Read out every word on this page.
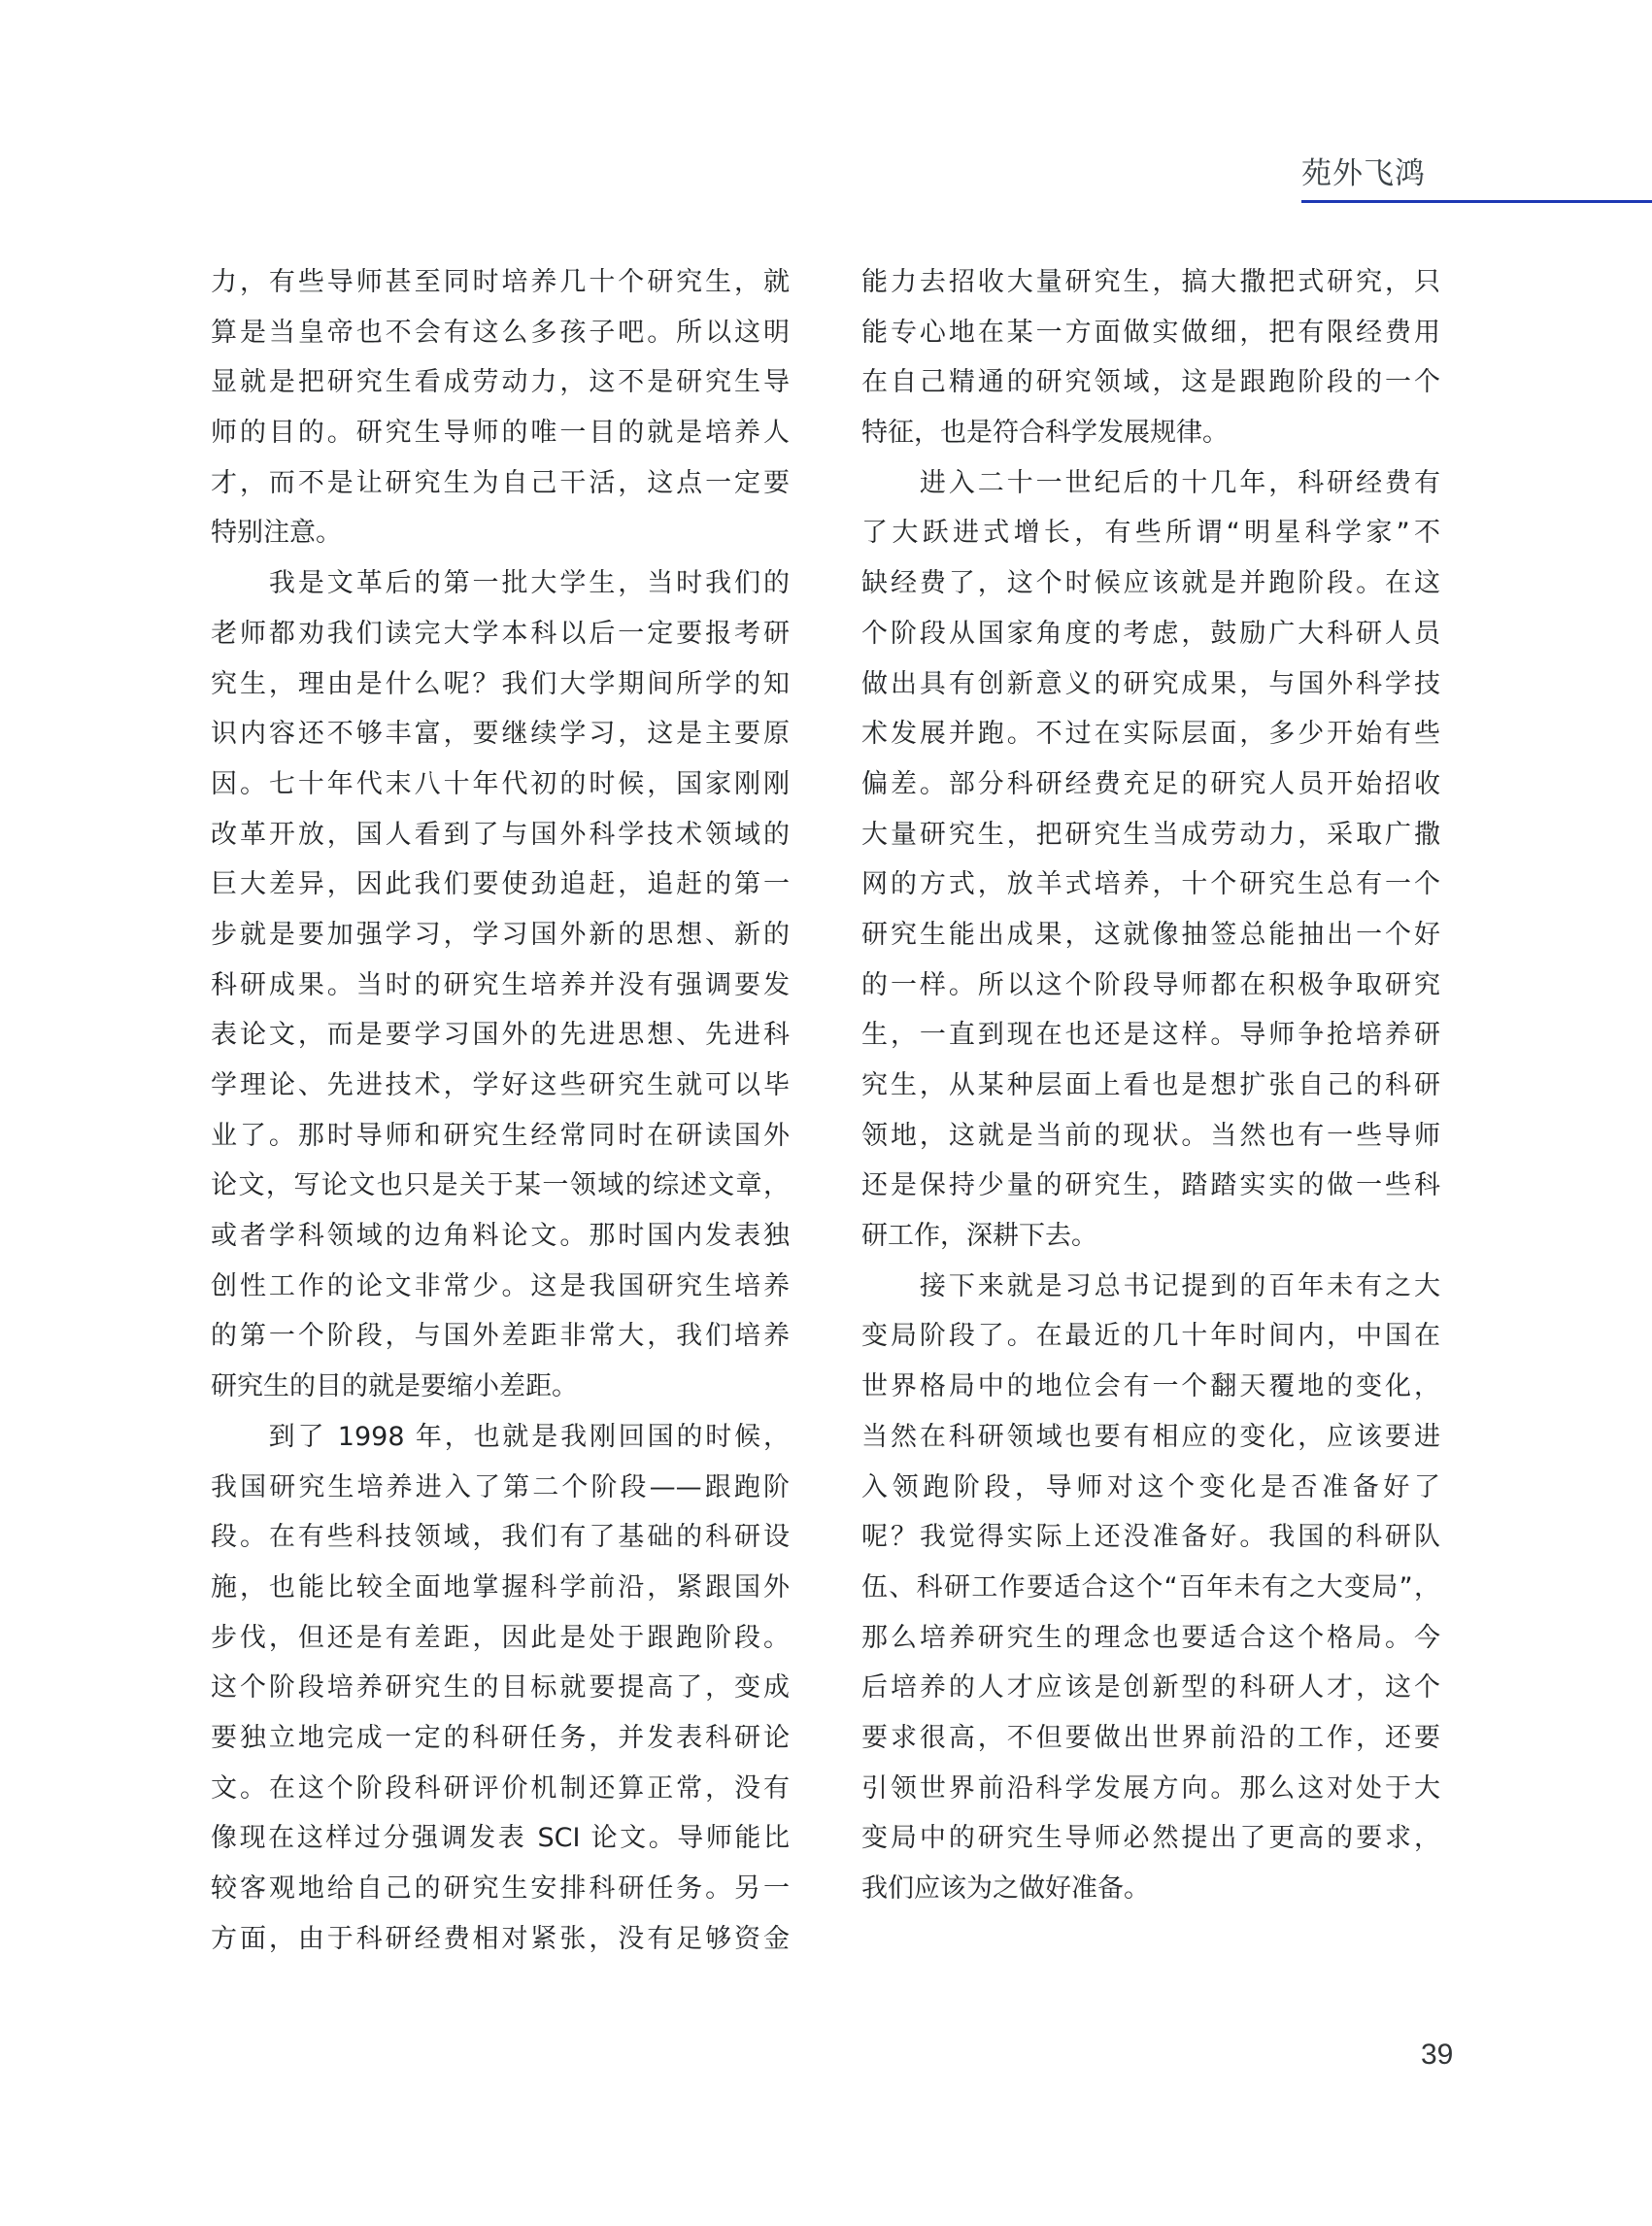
苑外飞鸿
力，有些导师甚至同时培养几十个研究生，就
算是当皇帝也不会有这么多孩子吧。所以这明
显就是把研究生看成劳动力，这不是研究生导
师的目的。研究生导师的唯一目的就是培养人
才，而不是让研究生为自己干活，这点一定要
特别注意。
　　我是文革后的第一批大学生，当时我们的
老师都劝我们读完大学本科以后一定要报考研
究生，理由是什么呢？我们大学期间所学的知
识内容还不够丰富，要继续学习，这是主要原
因。七十年代末八十年代初的时候，国家刚刚
改革开放，国人看到了与国外科学技术领域的
巨大差异，因此我们要使劲追赶，追赶的第一
步就是要加强学习，学习国外新的思想、新的
科研成果。当时的研究生培养并没有强调要发
表论文，而是要学习国外的先进思想、先进科
学理论、先进技术，学好这些研究生就可以毕
业了。那时导师和研究生经常同时在研读国外
论文，写论文也只是关于某一领域的综述文章，
或者学科领域的边角料论文。那时国内发表独
创性工作的论文非常少。这是我国研究生培养
的第一个阶段，与国外差距非常大，我们培养
研究生的目的就是要缩小差距。
　　到了 1998 年，也就是我刚回国的时候，
我国研究生培养进入了第二个阶段——跟跑阶
段。在有些科技领域，我们有了基础的科研设
施，也能比较全面地掌握科学前沿，紧跟国外
步伐，但还是有差距，因此是处于跟跑阶段。
这个阶段培养研究生的目标就要提高了，变成
要独立地完成一定的科研任务，并发表科研论
文。在这个阶段科研评价机制还算正常，没有
像现在这样过分强调发表 SCI 论文。导师能比
较客观地给自己的研究生安排科研任务。另一
方面，由于科研经费相对紧张，没有足够资金
能力去招收大量研究生，搞大撒把式研究，只
能专心地在某一方面做实做细，把有限经费用
在自己精通的研究领域，这是跟跑阶段的一个
特征，也是符合科学发展规律。
　　进入二十一世纪后的十几年，科研经费有
了大跃进式增长，有些所谓“明星科学家”不
缺经费了，这个时候应该就是并跑阶段。在这
个阶段从国家角度的考虑，鼓励广大科研人员
做出具有创新意义的研究成果，与国外科学技
术发展并跑。不过在实际层面，多少开始有些
偏差。部分科研经费充足的研究人员开始招收
大量研究生，把研究生当成劳动力，采取广撒
网的方式，放羊式培养，十个研究生总有一个
研究生能出成果，这就像抽签总能抽出一个好
的一样。所以这个阶段导师都在积极争取研究
生，一直到现在也还是这样。导师争抢培养研
究生，从某种层面上看也是想扩张自己的科研
领地，这就是当前的现状。当然也有一些导师
还是保持少量的研究生，踏踏实实的做一些科
研工作，深耕下去。
　　接下来就是习总书记提到的百年未有之大
变局阶段了。在最近的几十年时间内，中国在
世界格局中的地位会有一个翻天覆地的变化，
当然在科研领域也要有相应的变化，应该要进
入领跑阶段，导师对这个变化是否准备好了
呢？我觉得实际上还没准备好。我国的科研队
伍、科研工作要适合这个“百年未有之大变局”，
那么培养研究生的理念也要适合这个格局。今
后培养的人才应该是创新型的科研人才，这个
要求很高，不但要做出世界前沿的工作，还要
引领世界前沿科学发展方向。那么这对处于大
变局中的研究生导师必然提出了更高的要求，
我们应该为之做好准备。
39
